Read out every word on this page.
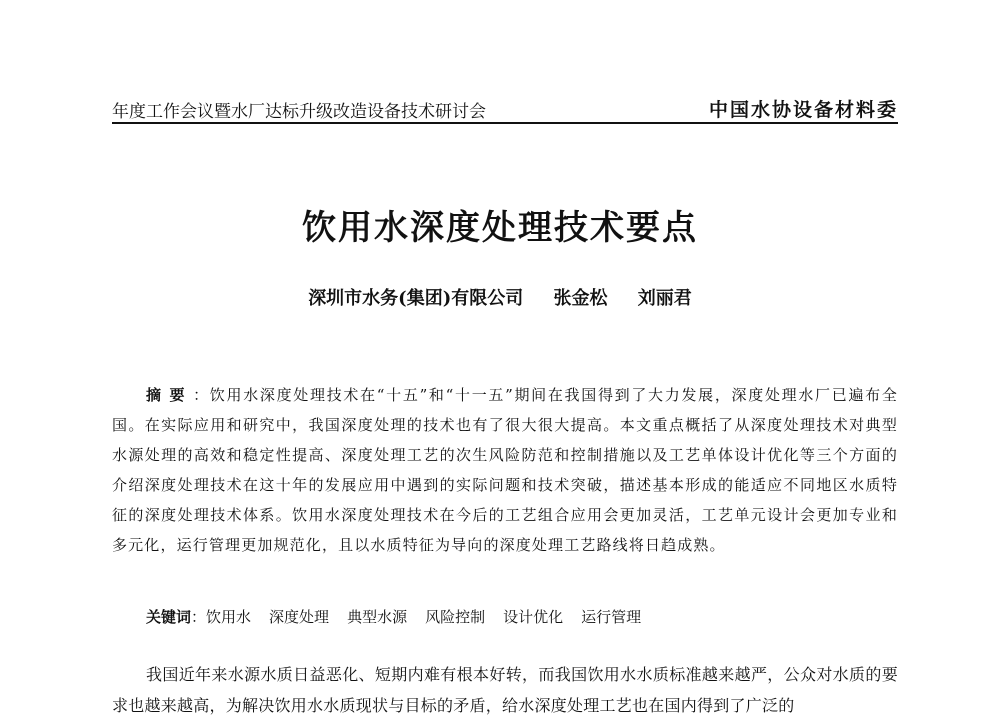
年度工作会议暨水厂达标升级改造设备技术研讨会	中国水协设备材料委
饮用水深度处理技术要点
深圳市水务(集团)有限公司 张金松 刘丽君
摘要：饮用水深度处理技术在“十五”和“十一五”期间在我国得到了大力发展，深度处理水厂已遍布全国。在实际应用和研究中，我国深度处理的技术也有了很大很大提高。本文重点概括了从深度处理技术对典型水源处理的高效和稳定性提高、深度处理工艺的次生风险防范和控制措施以及工艺单体设计优化等三个方面的介绍深度处理技术在这十年的发展应用中遇到的实际问题和技术突破，描述基本形成的能适应不同地区水质特征的深度处理技术体系。饮用水深度处理技术在今后的工艺组合应用会更加灵活，工艺单元设计会更加专业和多元化，运行管理更加规范化，且以水质特征为导向的深度处理工艺路线将日趋成熟。
关键词：饮用水 深度处理 典型水源 风险控制 设计优化 运行管理
我国近年来水源水质日益恶化、短期内难有根本好转，而我国饮用水水质标准越来越严，公众对水质的要求也越来越高，为解决饮用水水质现状与目标的矛盾，给水深度处理工艺也在国内得到了广泛的
